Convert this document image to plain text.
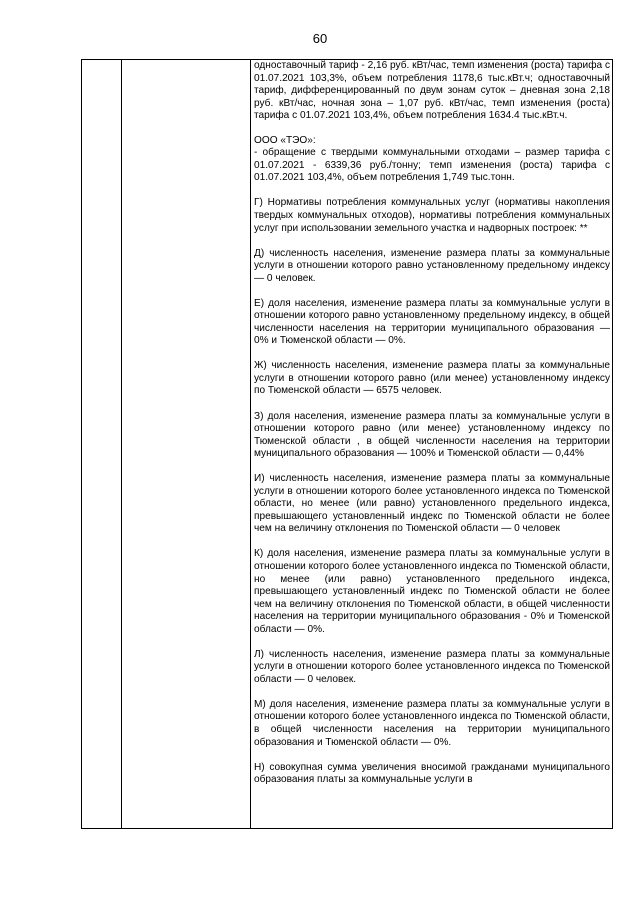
60

одноставочный тариф - 2,16 руб. кВт/час, темп изменения (роста) тарифа с 01.07.2021 103,3%, объем потребления 1178,6 тыс.кВт.ч; одноставочный тариф, дифференцированный по двум зонам суток – дневная зона 2,18 руб. кВт/час, ночная зона – 1,07 руб. кВт/час, темп изменения (роста) тарифа с 01.07.2021 103,4%, объем потребления 1634.4 тыс.кВт.ч.

ООО «ТЭО»:
- обращение с твердыми коммунальными отходами – размер тарифа с 01.07.2021 - 6339,36 руб./тонну; темп изменения (роста) тарифа с 01.07.2021 103,4%, объем потребления 1,749 тыс.тонн.

Г) Нормативы потребления коммунальных услуг (нормативы накопления твердых коммунальных отходов), нормативы потребления коммунальных услуг при использовании земельного участка и надворных построек: **

Д) численность населения, изменение размера платы за коммунальные услуги в отношении которого равно установленному предельному индексу — 0 человек.

Е) доля населения, изменение размера платы за коммунальные услуги в отношении которого равно установленному предельному индексу, в общей численности населения на территории муниципального образования — 0% и Тюменской области — 0%.

Ж) численность населения, изменение размера платы за коммунальные услуги в отношении которого равно (или менее) установленному индексу по Тюменской области — 6575 человек.

З) доля населения, изменение размера платы за коммунальные услуги в отношении которого равно (или менее) установленному индексу по Тюменской области , в общей численности населения на территории муниципального образования — 100% и Тюменской области — 0,44%

И) численность населения, изменение размера платы за коммунальные услуги в отношении которого более установленного индекса по Тюменской области, но менее (или равно) установленного предельного индекса, превышающего установленный индекс по Тюменской области не более чем на величину отклонения по Тюменской области — 0 человек

К) доля населения, изменение размера платы за коммунальные услуги в отношении которого более установленного индекса по Тюменской области, но менее (или равно) установленного предельного индекса, превышающего установленный индекс по Тюменской области не более чем на величину отклонения по Тюменской области, в общей численности населения на территории муниципального образования - 0% и Тюменской области — 0%.

Л) численность населения, изменение размера платы за коммунальные услуги в отношении которого более установленного индекса по Тюменской области — 0 человек.

М) доля населения, изменение размера платы за коммунальные услуги в отношении которого более установленного индекса по Тюменской области, в общей численности населения на территории муниципального образования и Тюменской области — 0%.

Н) совокупная сумма увеличения вносимой гражданами муниципального образования платы за коммунальные услуги в
